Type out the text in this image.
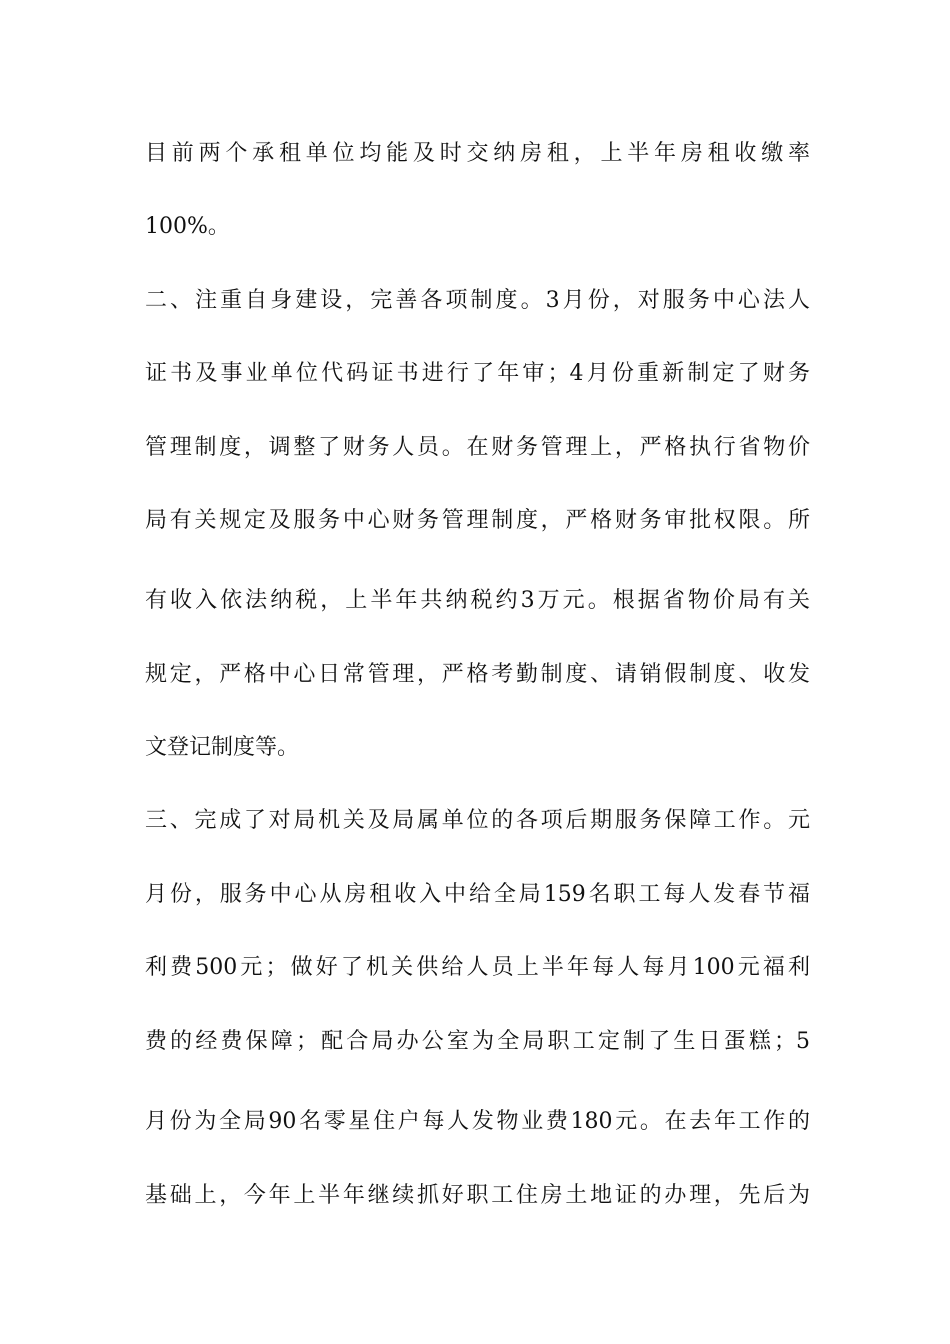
目前两个承租单位均能及时交纳房租，上半年房租收缴率
100%。
二、注重自身建设，完善各项制度。3月份，对服务中心法人
证书及事业单位代码证书进行了年审；4月份重新制定了财务
管理制度，调整了财务人员。在财务管理上，严格执行省物价
局有关规定及服务中心财务管理制度，严格财务审批权限。所
有收入依法纳税，上半年共纳税约3万元。根据省物价局有关
规定，严格中心日常管理，严格考勤制度、请销假制度、收发
文登记制度等。
三、完成了对局机关及局属单位的各项后期服务保障工作。元
月份，服务中心从房租收入中给全局159名职工每人发春节福
利费500元；做好了机关供给人员上半年每人每月100元福利
费的经费保障；配合局办公室为全局职工定制了生日蛋糕；5
月份为全局90名零星住户每人发物业费180元。在去年工作的
基础上，今年上半年继续抓好职工住房土地证的办理，先后为
